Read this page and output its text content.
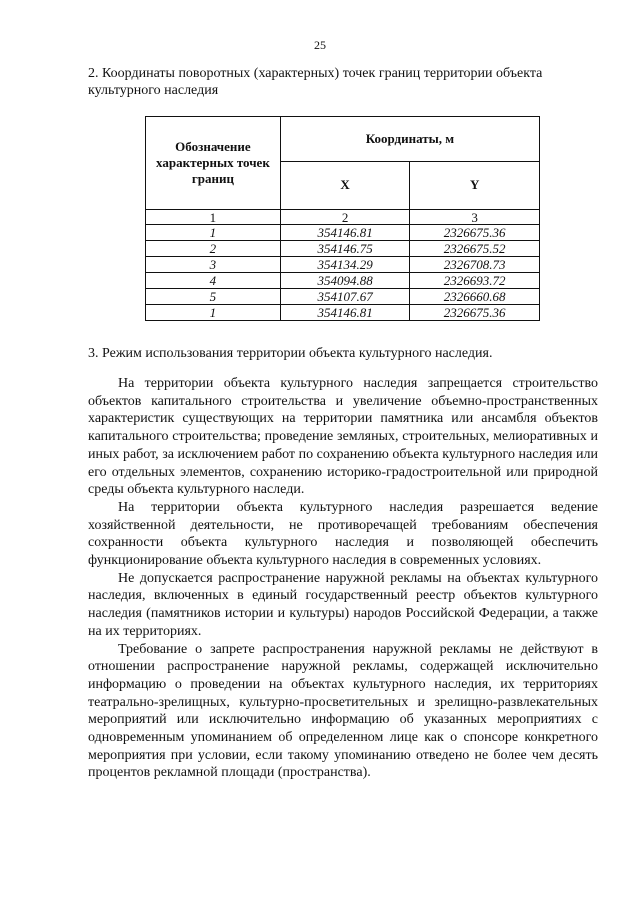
25
2. Координаты поворотных (характерных) точек границ территории объекта культурного наследия
Обозначение характерных точек границ	Координаты, м	
	X	Y
1	2	3
1	354146.81	2326675.36
2	354146.75	2326675.52
3	354134.29	2326708.73
4	354094.88	2326693.72
5	354107.67	2326660.68
1	354146.81	2326675.36
3. Режим использования территории объекта культурного наследия.

На территории объекта культурного наследия запрещается строительство объектов капитального строительства и увеличение объемно-пространственных характеристик существующих на территории памятника или ансамбля объектов капитального строительства; проведение земляных, строительных, мелиоративных и иных работ, за исключением работ по сохранению объекта культурного наследия или его отдельных элементов, сохранению историко-градостроительной или природной среды объекта культурного наследи.

На территории объекта культурного наследия разрешается ведение хозяйственной деятельности, не противоречащей требованиям обеспечения сохранности объекта культурного наследия и позволяющей обеспечить функционирование объекта культурного наследия в современных условиях.

Не допускается распространение наружной рекламы на объектах культурного наследия, включенных в единый государственный реестр объектов культурного наследия (памятников истории и культуры) народов Российской Федерации, а также на их территориях.

Требование о запрете распространения наружной рекламы не действуют в отношении распространение наружной рекламы, содержащей исключительно информацию о проведении на объектах культурного наследия, их территориях театрально-зрелищных, культурно-просветительных и зрелищно-развлекательных мероприятий или исключительно информацию об указанных мероприятиях с одновременным упоминанием об определенном лице как о спонсоре конкретного мероприятия при условии, если такому упоминанию отведено не более чем десять процентов рекламной площади (пространства).
